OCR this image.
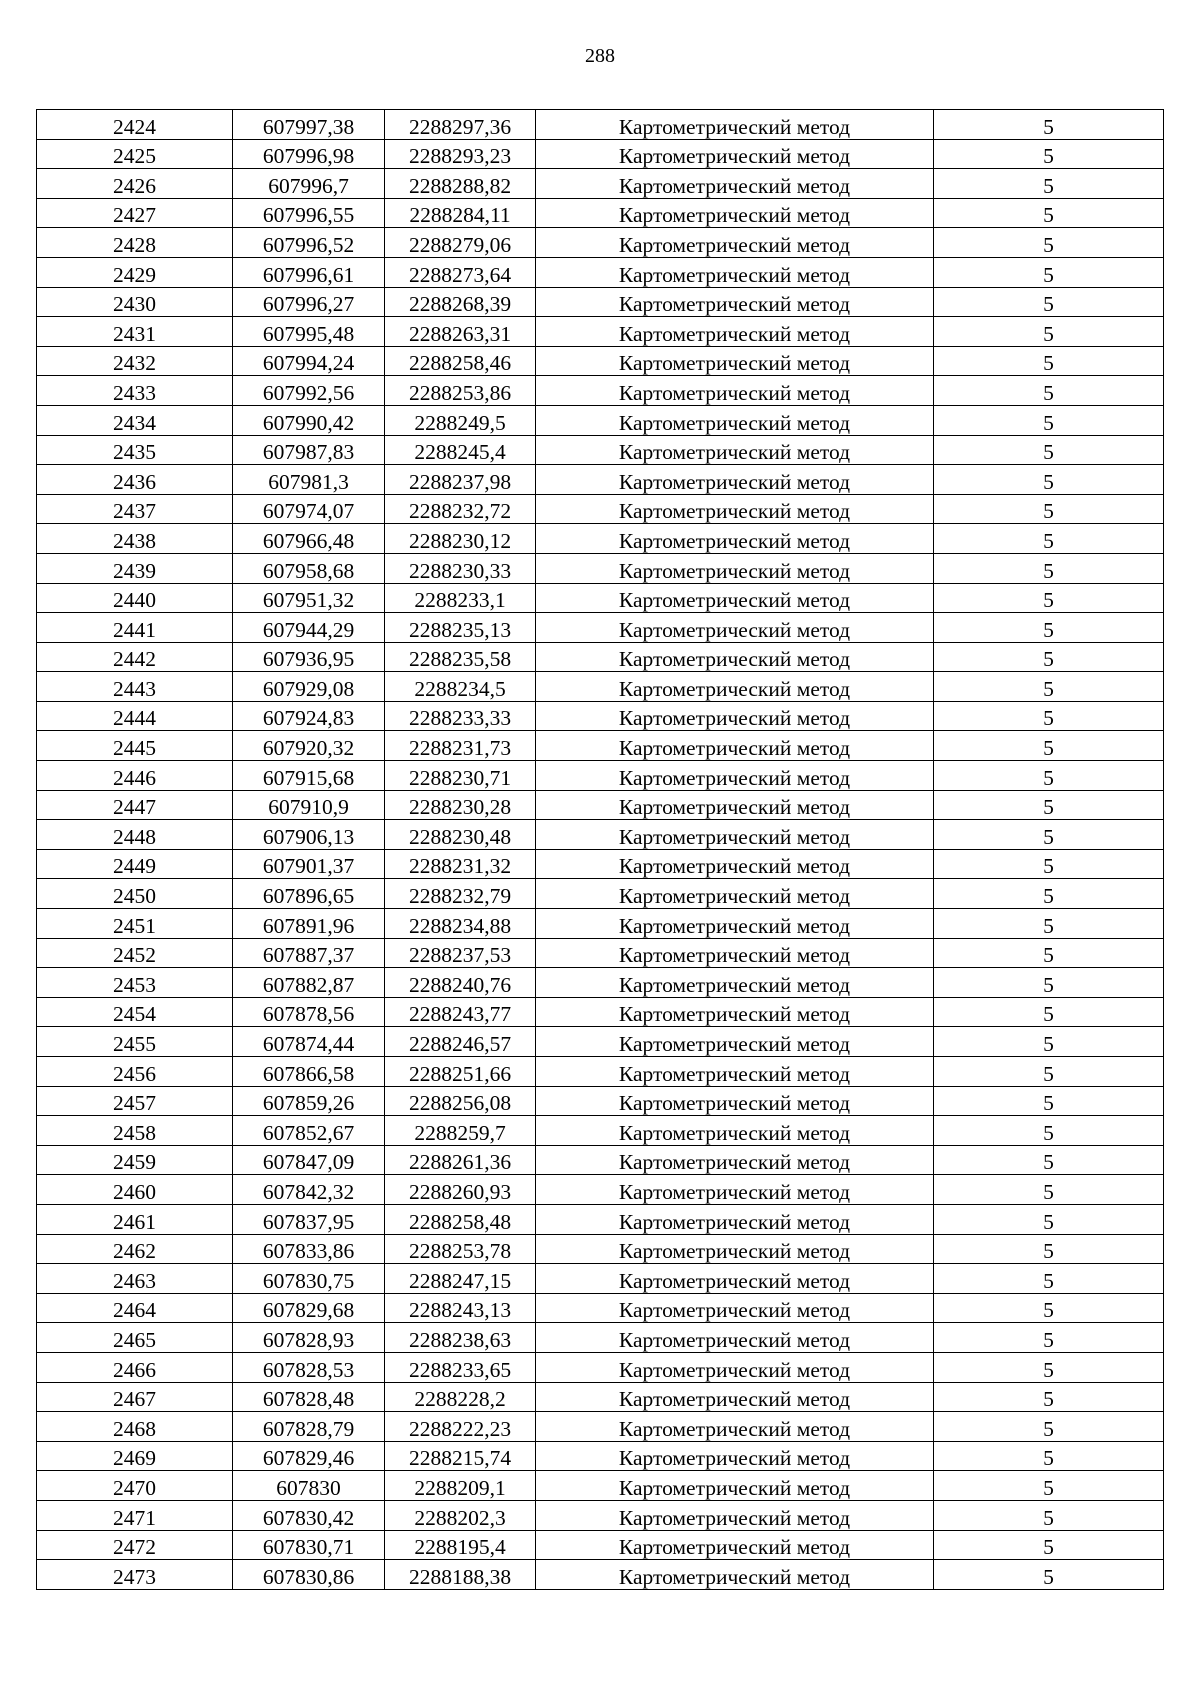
288
2424	607997,38	2288297,36	Картометрический метод	5
2425	607996,98	2288293,23	Картометрический метод	5
2426	607996,7	2288288,82	Картометрический метод	5
2427	607996,55	2288284,11	Картометрический метод	5
2428	607996,52	2288279,06	Картометрический метод	5
2429	607996,61	2288273,64	Картометрический метод	5
2430	607996,27	2288268,39	Картометрический метод	5
2431	607995,48	2288263,31	Картометрический метод	5
2432	607994,24	2288258,46	Картометрический метод	5
2433	607992,56	2288253,86	Картометрический метод	5
2434	607990,42	2288249,5	Картометрический метод	5
2435	607987,83	2288245,4	Картометрический метод	5
2436	607981,3	2288237,98	Картометрический метод	5
2437	607974,07	2288232,72	Картометрический метод	5
2438	607966,48	2288230,12	Картометрический метод	5
2439	607958,68	2288230,33	Картометрический метод	5
2440	607951,32	2288233,1	Картометрический метод	5
2441	607944,29	2288235,13	Картометрический метод	5
2442	607936,95	2288235,58	Картометрический метод	5
2443	607929,08	2288234,5	Картометрический метод	5
2444	607924,83	2288233,33	Картометрический метод	5
2445	607920,32	2288231,73	Картометрический метод	5
2446	607915,68	2288230,71	Картометрический метод	5
2447	607910,9	2288230,28	Картометрический метод	5
2448	607906,13	2288230,48	Картометрический метод	5
2449	607901,37	2288231,32	Картометрический метод	5
2450	607896,65	2288232,79	Картометрический метод	5
2451	607891,96	2288234,88	Картометрический метод	5
2452	607887,37	2288237,53	Картометрический метод	5
2453	607882,87	2288240,76	Картометрический метод	5
2454	607878,56	2288243,77	Картометрический метод	5
2455	607874,44	2288246,57	Картометрический метод	5
2456	607866,58	2288251,66	Картометрический метод	5
2457	607859,26	2288256,08	Картометрический метод	5
2458	607852,67	2288259,7	Картометрический метод	5
2459	607847,09	2288261,36	Картометрический метод	5
2460	607842,32	2288260,93	Картометрический метод	5
2461	607837,95	2288258,48	Картометрический метод	5
2462	607833,86	2288253,78	Картометрический метод	5
2463	607830,75	2288247,15	Картометрический метод	5
2464	607829,68	2288243,13	Картометрический метод	5
2465	607828,93	2288238,63	Картометрический метод	5
2466	607828,53	2288233,65	Картометрический метод	5
2467	607828,48	2288228,2	Картометрический метод	5
2468	607828,79	2288222,23	Картометрический метод	5
2469	607829,46	2288215,74	Картометрический метод	5
2470	607830	2288209,1	Картометрический метод	5
2471	607830,42	2288202,3	Картометрический метод	5
2472	607830,71	2288195,4	Картометрический метод	5
2473	607830,86	2288188,38	Картометрический метод	5
